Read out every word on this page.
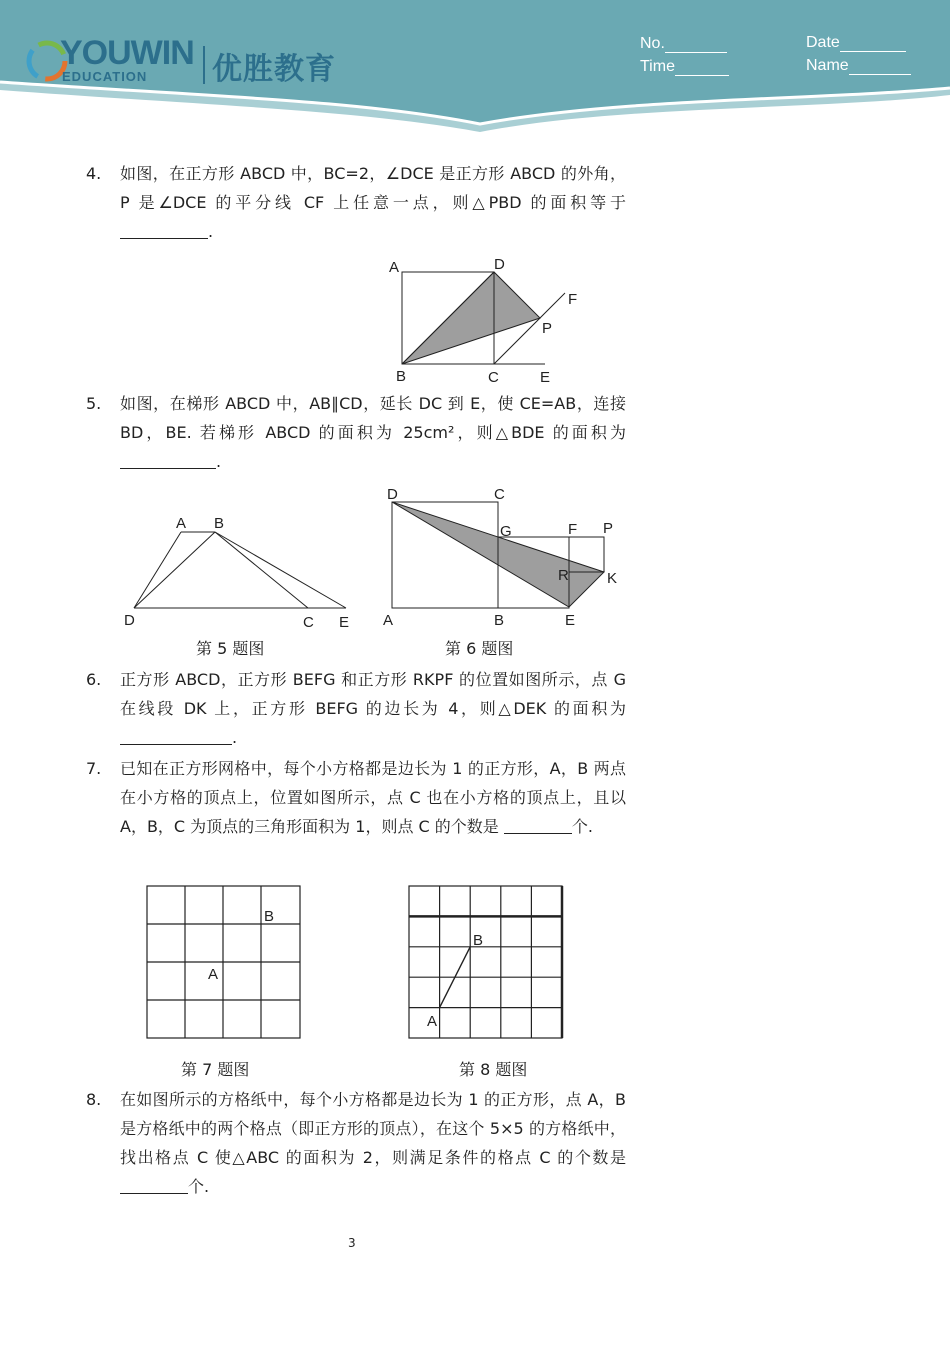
YOUWIN
EDUCATION 优胜教育
No.
Time
Date
Name
4. 如图，在正方形 ABCD 中，BC=2，∠DCE 是正方形 ABCD 的外角，P 是∠DCE 的平分线 CF 上任意一点，则△PBD 的面积等于 .
A	D
F
P
B	C	E
5. 如图，在梯形 ABCD 中，AB∥CD，延长 DC 到 E，使 CE=AB，连接 BD，BE. 若梯形 ABCD 的面积为 25cm²，则△BDE 的面积为 .
A B
D	C E
第 5 题图
D	C
G	F P
R	K
A	B	E
第 6 题图
6. 正方形 ABCD，正方形 BEFG 和正方形 RKPF 的位置如图所示，点 G 在线段 DK 上，正方形 BEFG 的边长为 4，则△DEK 的面积为 .
7. 已知在正方形网格中，每个小方格都是边长为 1 的正方形，A，B 两点在小方格的顶点上，位置如图所示，点 C 也在小方格的顶点上，且以 A，B，C 为顶点的三角形面积为 1，则点 C 的个数是	个.
B
A
第 7 题图
B
A
第 8 题图
8. 在如图所示的方格纸中，每个小方格都是边长为 1 的正方形，点 A，B 是方格纸中的两个格点（即正方形的顶点），在这个 5×5 的方格纸中，找出格点 C 使△ABC 的面积为 2，则满足条件的格点 C 的个数是 个.
3
